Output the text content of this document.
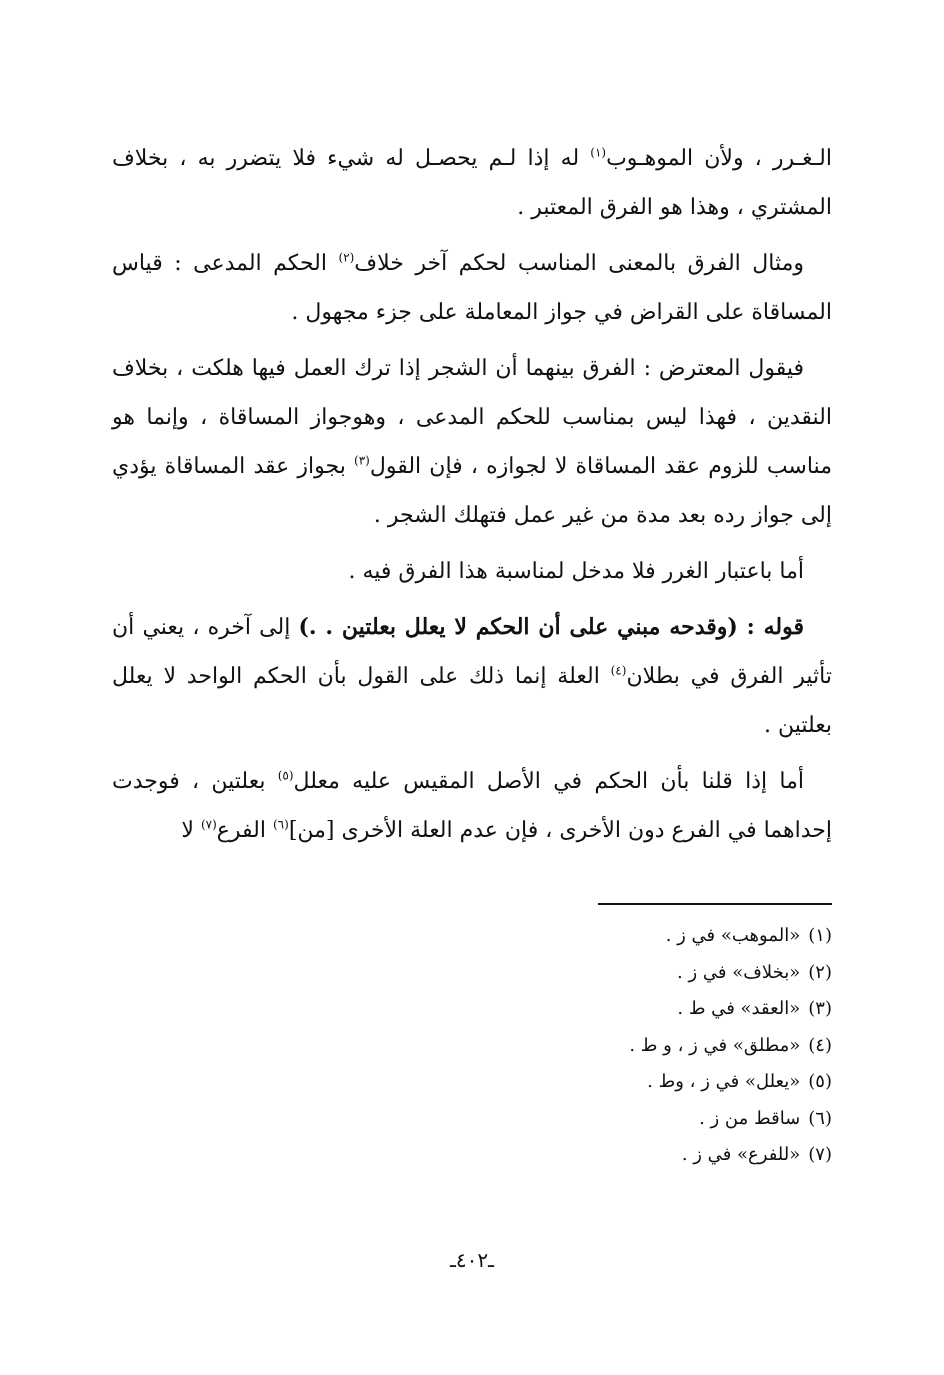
الـغـرر ، ولأن الموهـوب$^{(١)}$ له إذا لـم يحصـل له شيء فلا يتضرر به ، بخلاف المشتري ، وهذا هو الفرق المعتبر .

ومثال الفرق بالمعنى المناسب لحكم آخر خلاف$^{(٢)}$ الحكم المدعى : قياس المساقاة على القراض في جواز المعاملة على جزء مجهول .

فيقول المعترض : الفرق بينهما أن الشجر إذا ترك العمل فيها هلكت ، بخلاف النقدين ، فهذا ليس بمناسب للحكم المدعى ، وهوجواز المساقاة ، وإنما هو مناسب للزوم عقد المساقاة لا لجوازه ، فإن القول$^{(٣)}$ بجواز عقد المساقاة يؤدي إلى جواز رده بعد مدة من غير عمل فتهلك الشجر .

أما باعتبار الغرر فلا مدخل لمناسبة هذا الفرق فيه .

قوله : (وقدحه مبني على أن الحكم لا يعلل بعلتين . .) إلى آخره ، يعني أن تأثير الفرق في بطلان$^{(٤)}$ العلة إنما ذلك على القول بأن الحكم الواحد لا يعلل بعلتين .

أما إذا قلنا بأن الحكم في الأصل المقيس عليه معلل$^{(٥)}$ بعلتين ، فوجدت إحداهما في الفرع دون الأخرى ، فإن عدم العلة الأخرى [من]$^{(٦)}$ الفرع$^{(٧)}$ لا

(١)«الموهب» في ز .
(٢)«بخلاف» في ز .
(٣)«العقد» في ط .
(٤)«مطلق» في ز ، و ط .
(٥)«يعلل» في ز ، وط .
(٦)ساقط من ز .
(٧)«للفرع» في ز .
ـ٤٠٢ـ
